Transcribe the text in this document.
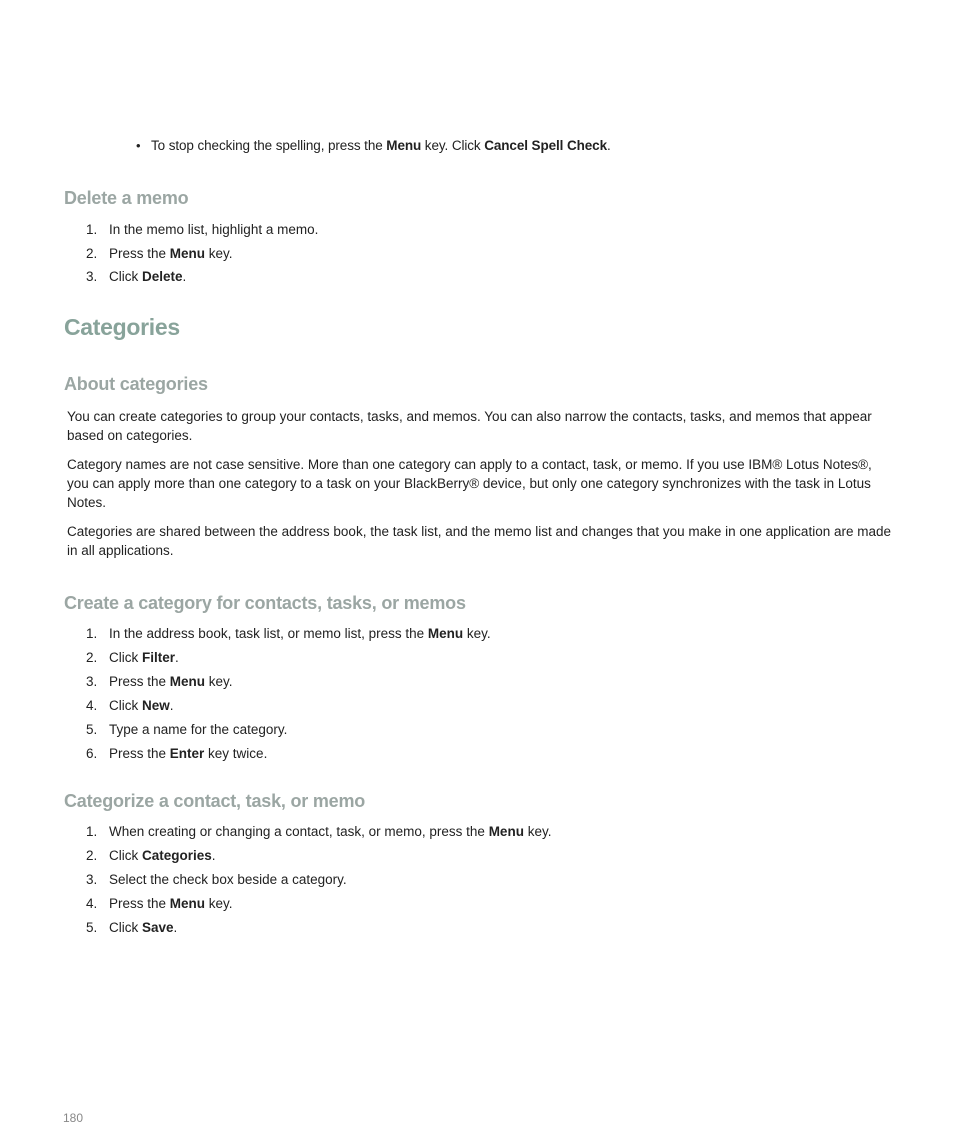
• To stop checking the spelling, press the Menu key. Click Cancel Spell Check.
Delete a memo
1. In the memo list, highlight a memo.
2. Press the Menu key.
3. Click Delete.
Categories
About categories
You can create categories to group your contacts, tasks, and memos. You can also narrow the contacts, tasks, and memos that appear based on categories.
Category names are not case sensitive. More than one category can apply to a contact, task, or memo. If you use IBM® Lotus Notes®, you can apply more than one category to a task on your BlackBerry® device, but only one category synchronizes with the task in Lotus Notes.
Categories are shared between the address book, the task list, and the memo list and changes that you make in one application are made in all applications.
Create a category for contacts, tasks, or memos
1. In the address book, task list, or memo list, press the Menu key.
2. Click Filter.
3. Press the Menu key.
4. Click New.
5. Type a name for the category.
6. Press the Enter key twice.
Categorize a contact, task, or memo
1. When creating or changing a contact, task, or memo, press the Menu key.
2. Click Categories.
3. Select the check box beside a category.
4. Press the Menu key.
5. Click Save.
180
